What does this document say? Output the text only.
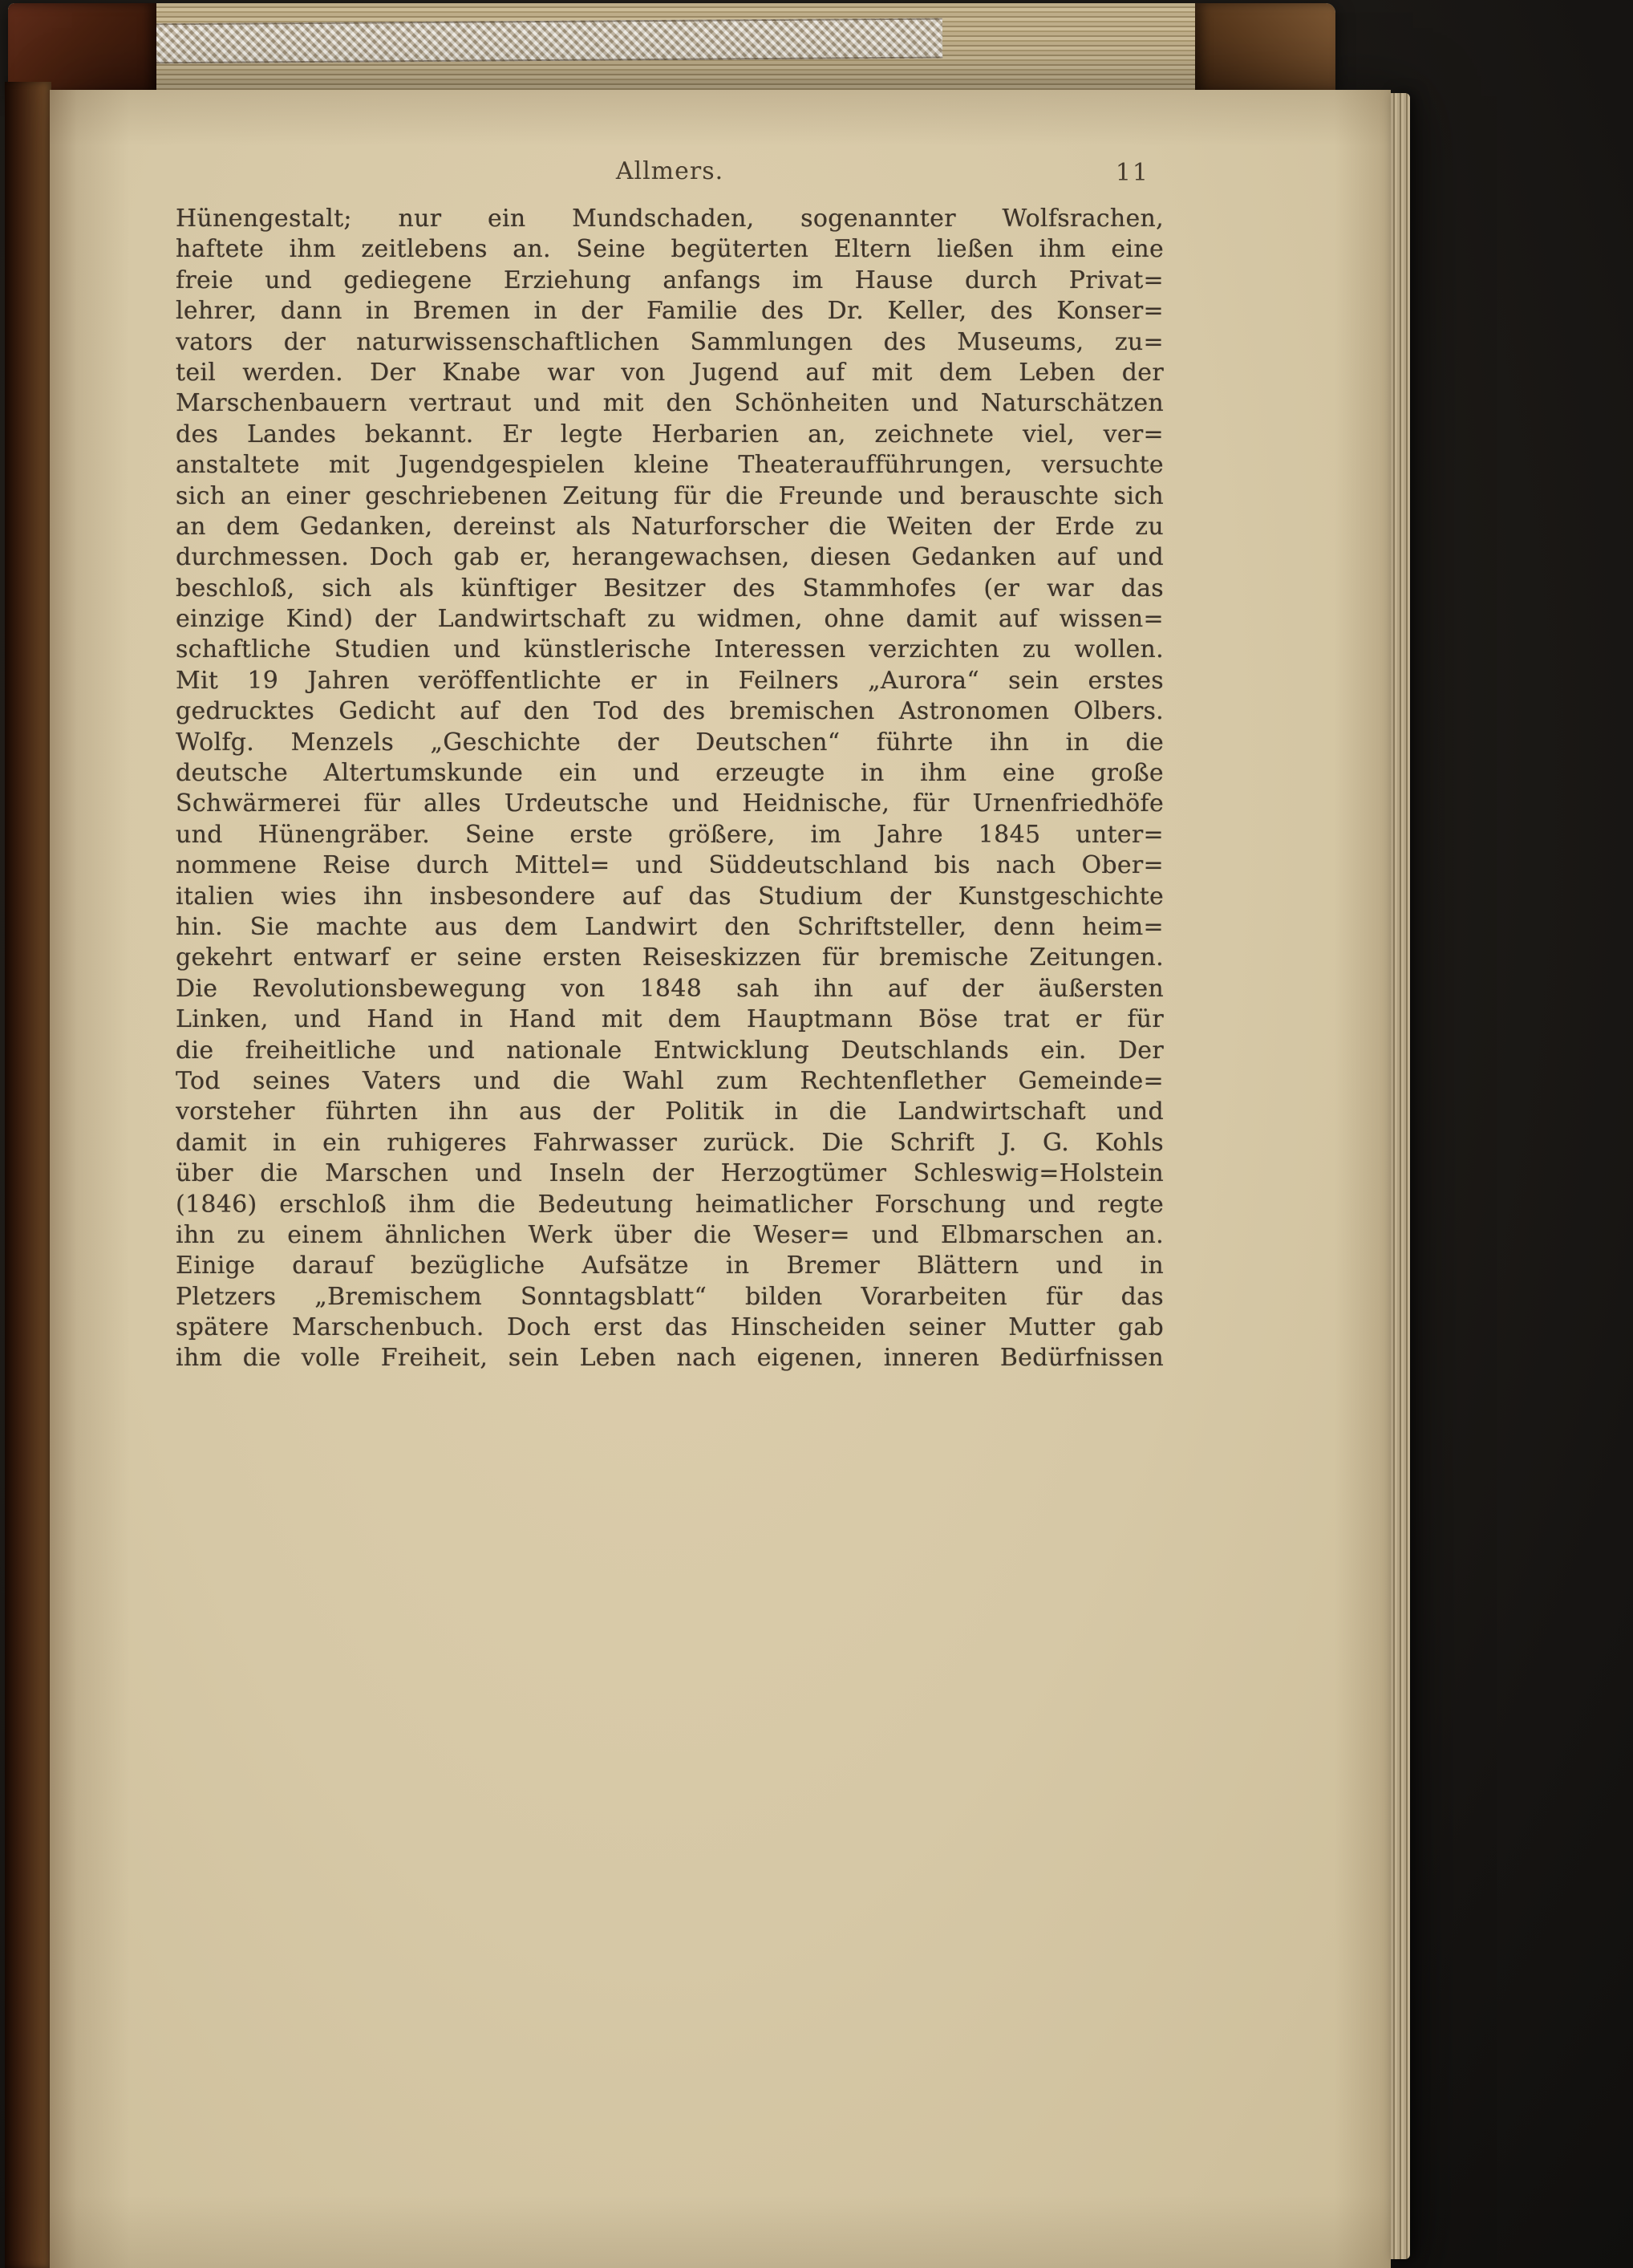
Allmers.	11
Hünengestalt; nur ein Mundschaden, sogenannter Wolfsrachen,
haftete ihm zeitlebens an. Seine begüterten Eltern ließen ihm eine
freie und gediegene Erziehung anfangs im Hause durch Privat=
lehrer, dann in Bremen in der Familie des Dr. Keller, des Konser=
vators der naturwissenschaftlichen Sammlungen des Museums, zu=
teil werden. Der Knabe war von Jugend auf mit dem Leben der
Marschenbauern vertraut und mit den Schönheiten und Naturschätzen
des Landes bekannt. Er legte Herbarien an, zeichnete viel, ver=
anstaltete mit Jugendgespielen kleine Theateraufführungen, versuchte
sich an einer geschriebenen Zeitung für die Freunde und berauschte sich
an dem Gedanken, dereinst als Naturforscher die Weiten der Erde zu
durchmessen. Doch gab er, herangewachsen, diesen Gedanken auf und
beschloß, sich als künftiger Besitzer des Stammhofes (er war das
einzige Kind) der Landwirtschaft zu widmen, ohne damit auf wissen=
schaftliche Studien und künstlerische Interessen verzichten zu wollen.
Mit 19 Jahren veröffentlichte er in Feilners „Aurora“ sein erstes
gedrucktes Gedicht auf den Tod des bremischen Astronomen Olbers.
Wolfg. Menzels „Geschichte der Deutschen“ führte ihn in die
deutsche Altertumskunde ein und erzeugte in ihm eine große
Schwärmerei für alles Urdeutsche und Heidnische, für Urnenfriedhöfe
und Hünengräber. Seine erste größere, im Jahre 1845 unter=
nommene Reise durch Mittel= und Süddeutschland bis nach Ober=
italien wies ihn insbesondere auf das Studium der Kunstgeschichte
hin. Sie machte aus dem Landwirt den Schriftsteller, denn heim=
gekehrt entwarf er seine ersten Reiseskizzen für bremische Zeitungen.
Die Revolutionsbewegung von 1848 sah ihn auf der äußersten
Linken, und Hand in Hand mit dem Hauptmann Böse trat er für
die freiheitliche und nationale Entwicklung Deutschlands ein. Der
Tod seines Vaters und die Wahl zum Rechtenflether Gemeinde=
vorsteher führten ihn aus der Politik in die Landwirtschaft und
damit in ein ruhigeres Fahrwasser zurück. Die Schrift J. G. Kohls
über die Marschen und Inseln der Herzogtümer Schleswig=Holstein
(1846) erschloß ihm die Bedeutung heimatlicher Forschung und regte
ihn zu einem ähnlichen Werk über die Weser= und Elbmarschen an.
Einige darauf bezügliche Aufsätze in Bremer Blättern und in
Pletzers „Bremischem Sonntagsblatt“ bilden Vorarbeiten für das
spätere Marschenbuch. Doch erst das Hinscheiden seiner Mutter gab
ihm die volle Freiheit, sein Leben nach eigenen, inneren Bedürfnissen
